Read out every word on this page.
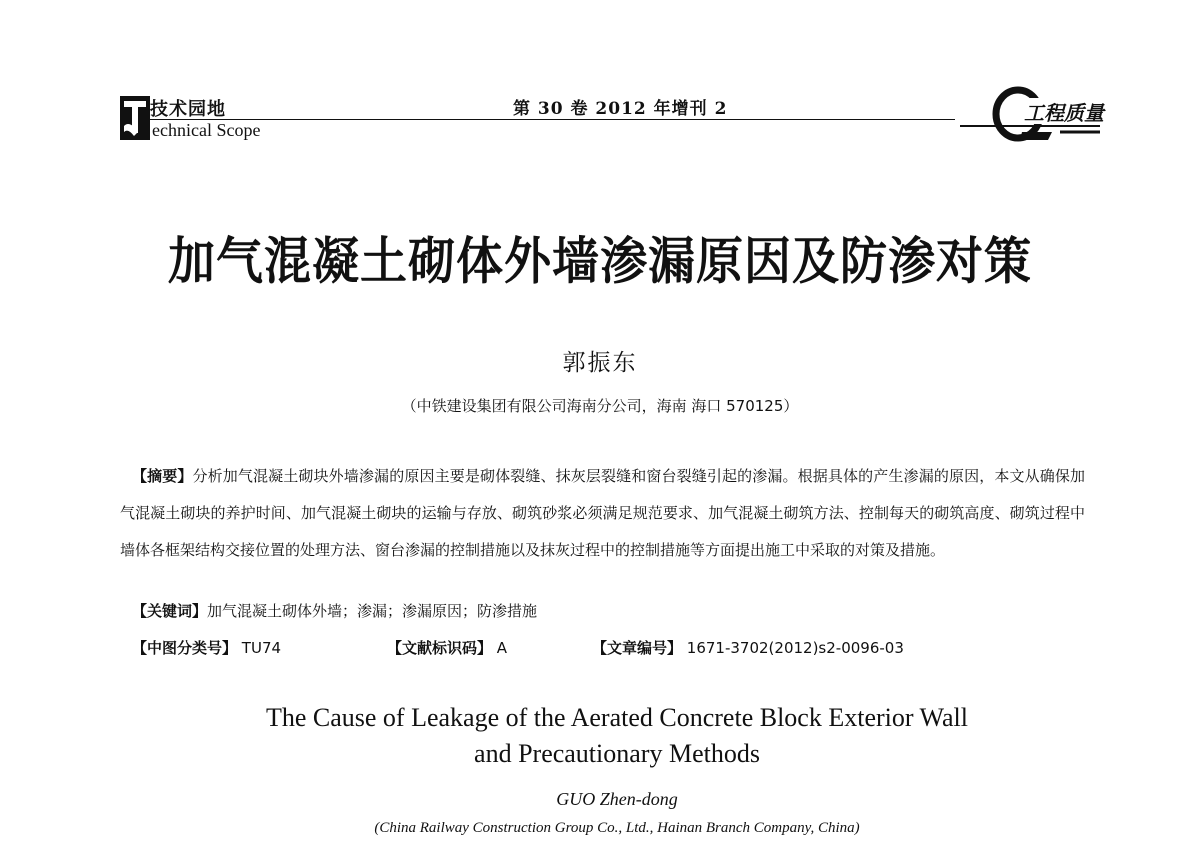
技术园地
echnical Scope
第 30 卷 2012 年增刊 2	工程质量
加气混凝土砌体外墙渗漏原因及防渗对策
郭振东
（中铁建设集团有限公司海南分公司，海南 海口 570125）

【摘要】分析加气混凝土砌块外墙渗漏的原因主要是砌体裂缝、抹灰层裂缝和窗台裂缝引起的渗漏。根据具体的产生渗漏的原因，本文从确保加气混凝土砌块的养护时间、加气混凝土砌块的运输与存放、砌筑砂浆必须满足规范要求、加气混凝土砌筑方法、控制每天的砌筑高度、砌筑过程中墙体各框架结构交接位置的处理方法、窗台渗漏的控制措施以及抹灰过程中的控制措施等方面提出施工中采取的对策及措施。

【关键词】加气混凝土砌体外墙；渗漏；渗漏原因；防渗措施
【中图分类号】 TU74	【文献标识码】 A	【文章编号】 1671-3702(2012)s2-0096-03
The Cause of Leakage of the Aerated Concrete Block Exterior Wall
and Precautionary Methods
GUO Zhen-dong
(China Railway Construction Group Co., Ltd., Hainan Branch Company, China)
